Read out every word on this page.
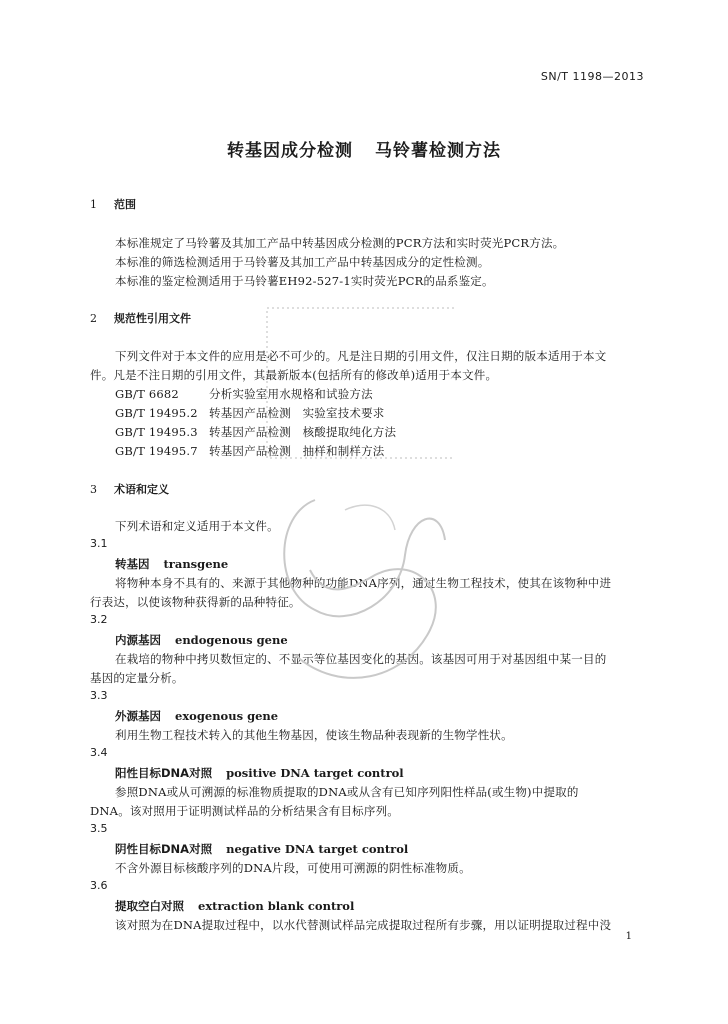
SN/T 1198—2013
转基因成分检测 马铃薯检测方法
1 范围
本标准规定了马铃薯及其加工产品中转基因成分检测的PCR方法和实时荧光PCR方法。
本标准的筛选检测适用于马铃薯及其加工产品中转基因成分的定性检测。
本标准的鉴定检测适用于马铃薯EH92-527-1实时荧光PCR的品系鉴定。
2 规范性引用文件
下列文件对于本文件的应用是必不可少的。凡是注日期的引用文件，仅注日期的版本适用于本文
件。凡是不注日期的引用文件，其最新版本(包括所有的修改单)适用于本文件。
GB/T 6682	分析实验室用水规格和试验方法
GB/T 19495.2 转基因产品检测　实验室技术要求
GB/T 19495.3 转基因产品检测　核酸提取纯化方法
GB/T 19495.7 转基因产品检测　抽样和制样方法
3 术语和定义
下列术语和定义适用于本文件。
3.1
转基因 transgene
将物种本身不具有的、来源于其他物种的功能DNA序列，通过生物工程技术，使其在该物种中进
行表达，以使该物种获得新的品种特征。
3.2
内源基因 endogenous gene
在栽培的物种中拷贝数恒定的、不显示等位基因变化的基因。该基因可用于对基因组中某一目的
基因的定量分析。
3.3
外源基因 exogenous gene
利用生物工程技术转入的其他生物基因，使该生物品种表现新的生物学性状。
3.4
阳性目标DNA对照 positive DNA target control
参照DNA或从可溯源的标准物质提取的DNA或从含有已知序列阳性样品(或生物)中提取的
DNA。该对照用于证明测试样品的分析结果含有目标序列。
3.5
阴性目标DNA对照 negative DNA target control
不含外源目标核酸序列的DNA片段，可使用可溯源的阴性标准物质。
3.6
提取空白对照 extraction blank control
该对照为在DNA提取过程中，以水代替测试样品完成提取过程所有步骤，用以证明提取过程中没
1
